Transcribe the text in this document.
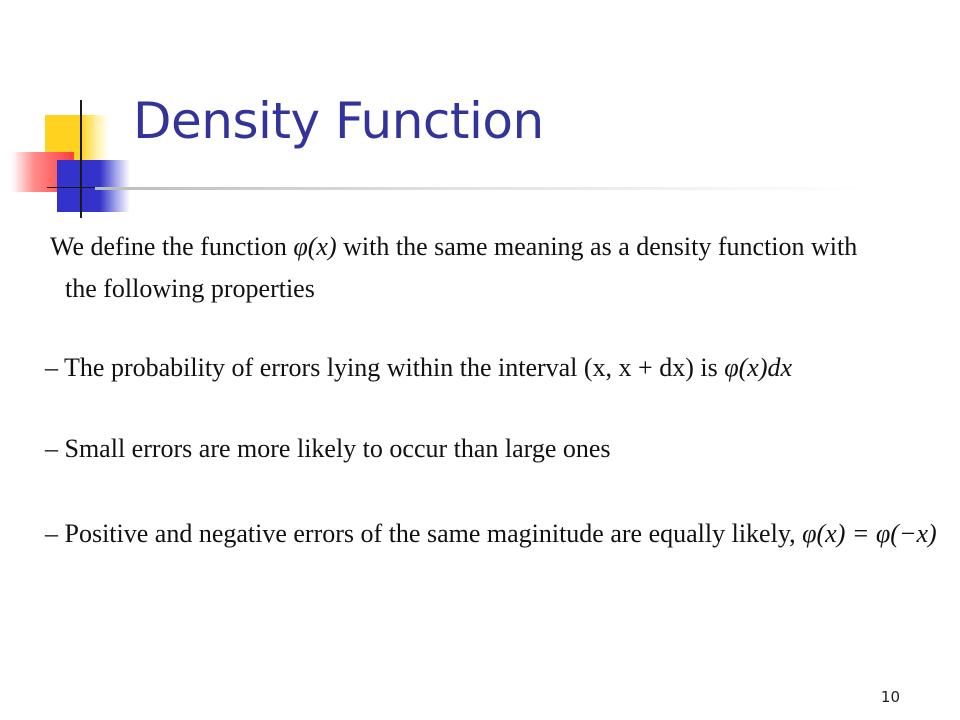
Density Function
We define the function φ(x) with the same meaning as a density function with
the following properties
– The probability of errors lying within the interval (x, x + dx) is φ(x)dx
– Small errors are more likely to occur than large ones
– Positive and negative errors of the same maginitude are equally likely, φ(x) = φ(−x)
10
